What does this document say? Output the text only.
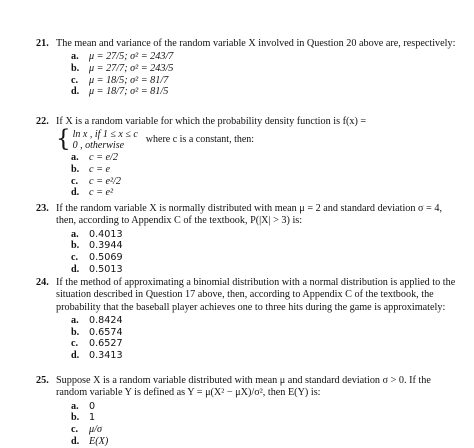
21. The mean and variance of the random variable X involved in Question 20 above are, respectively:
a.	μ = 27/5; σ² = 243/7
b. μ = 27/7; σ² = 243/5
c.	μ = 18/5; σ² = 81/7
d. μ = 18/7; σ² = 81/5
22. If X is a random variable for which the probability density function is f(x) =
{ ln x , if 1 ≤ x ≤ c
0 , otherwise
where c is a constant, then:
a.	c = e/2
b. c = e
c.	c = e²/2
d. c = e²
23. If the random variable X is normally distributed with mean μ = 2 and standard deviation σ = 4, then, according to Appendix C of the textbook, P(|X| > 3) is:
a.	0.4013
b.	0.3944
c.	0.5069
d.	0.5013
24. If the method of approximating a binomial distribution with a normal distribution is applied to the situation described in Question 17 above, then, according to Appendix C of the textbook, the probability that the baseball player achieves one to three hits during the game is approximately:
a.	0.8424
b.	0.6574
c.	0.6527
d.	0.3413
25. Suppose X is a random variable distributed with mean μ and standard deviation σ > 0. If the random variable Y is defined as Y = μ(X² − μX)/σ², then E(Y) is:
a.	0
b.	1
c.	μ/σ
d. E(X)
